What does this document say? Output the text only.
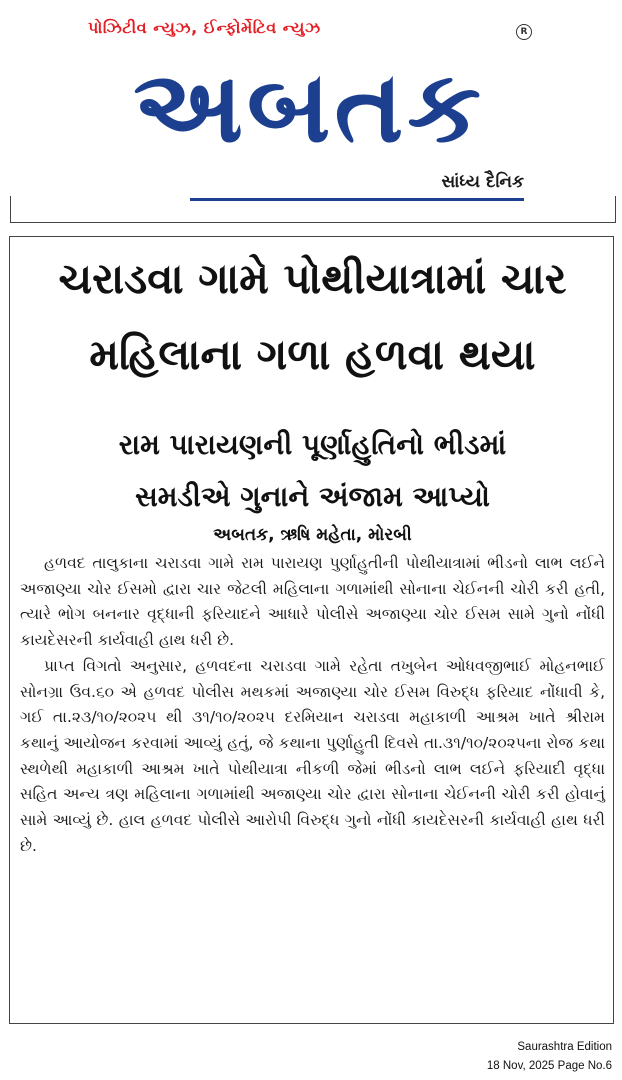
પોઝિટીવ ન્યુઝ, ઈન્ફોર્મેટિવ ન્યુઝ	R
અબતક
સાંધ્ય દૈનિક
ચરાડવા ગામે પોથીયાત્રામાં ચાર
મહિલાના ગળા હળવા થયા
રામ પારાયણની પૂર્ણાહુતિનો ભીડમાં
સમડીએ ગુનાને અંજામ આપ્યો
અબતક, ઋષિ મહેતા, મોરબી

હળવદ તાલુકાના ચરાડવા ગામે રામ પારાયણ પુર્ણાહુતીની પોથીયાત્રામાં ભીડનો લાભ લઈને અજાણ્યા ચોર ઈસમો દ્વારા ચાર જેટલી મહિલાના ગળામાંથી સોનાના ચેઈનની ચોરી કરી હતી, ત્યારે ભોગ બનનાર વૃદ્ધાની ફરિયાદને આધારે પોલીસે અજાણ્યા ચોર ઈસમ સામે ગુનો નોંધી કાયદેસરની કાર્યવાહી હાથ ધરી છે.

પ્રાપ્ત વિગતો અનુસાર, હળવદના ચરાડવા ગામે રહેતા તખુબેન ઓધવજીભાઈ મોહનભાઈ સોનગ્રા ઉવ.૬૦ એ હળવદ પોલીસ મથકમાં અજાણ્યા ચોર ઈસમ વિરુદ્ધ ફરિયાદ નોંધાવી કે, ગઈ તા.૨૩/૧૦/૨૦૨૫ થી ૩૧/૧૦/૨૦૨૫ દરમિયાન ચરાડવા મહાકાળી આશ્રમ ખાતે શ્રીરામ કથાનું આયોજન કરવામાં આવ્યું હતું, જે કથાના પુર્ણાહુતી દિવસે તા.૩૧/૧૦/૨૦૨૫ના રોજ કથા સ્થળેથી મહાકાળી આશ્રમ ખાતે પોથીયાત્રા નીકળી જેમાં ભીડનો લાભ લઈને ફરિયાદી વૃદ્ધા સહિત અન્ય ત્રણ મહિલાના ગળામાંથી અજાણ્યા ચોર દ્વારા સોનાના ચેઈનની ચોરી કરી હોવાનું સામે આવ્યું છે. હાલ હળવદ પોલીસે આરોપી વિરુદ્ધ ગુનો નોંધી કાયદેસરની કાર્યવાહી હાથ ધરી છે.

Saurashtra Edition
18 Nov, 2025 Page No.6
